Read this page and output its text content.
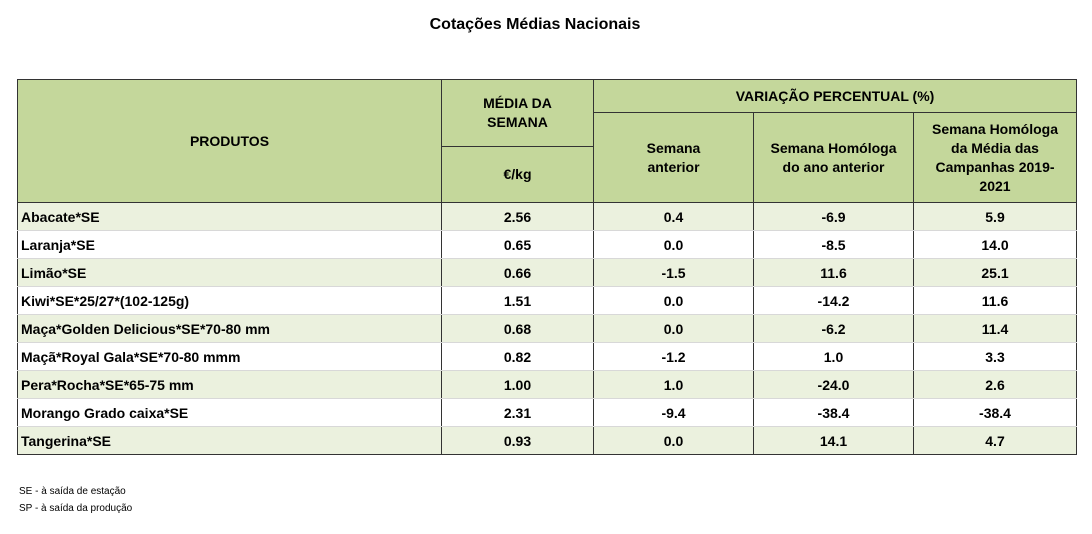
Cotações Médias Nacionais
PRODUTOS	MÉDIA DA SEMANA	VARIAÇÃO PERCENTUAL (%)		
		Semana anterior	Semana Homóloga do ano anterior	Semana Homóloga da Média das Campanhas 2019-2021
	€/kg			
Abacate*SE	2.56	0.4	-6.9	5.9
Laranja*SE	0.65	0.0	-8.5	14.0
Limão*SE	0.66	-1.5	11.6	25.1
Kiwi*SE*25/27*(102-125g)	1.51	0.0	-14.2	11.6
Maça*Golden Delicious*SE*70-80 mm	0.68	0.0	-6.2	11.4
Maçã*Royal Gala*SE*70-80 mmm	0.82	-1.2	1.0	3.3
Pera*Rocha*SE*65-75 mm	1.00	1.0	-24.0	2.6
Morango Grado caixa*SE	2.31	-9.4	-38.4	-38.4
Tangerina*SE	0.93	0.0	14.1	4.7
SE - à saída de estação
SP - à saída da produção
